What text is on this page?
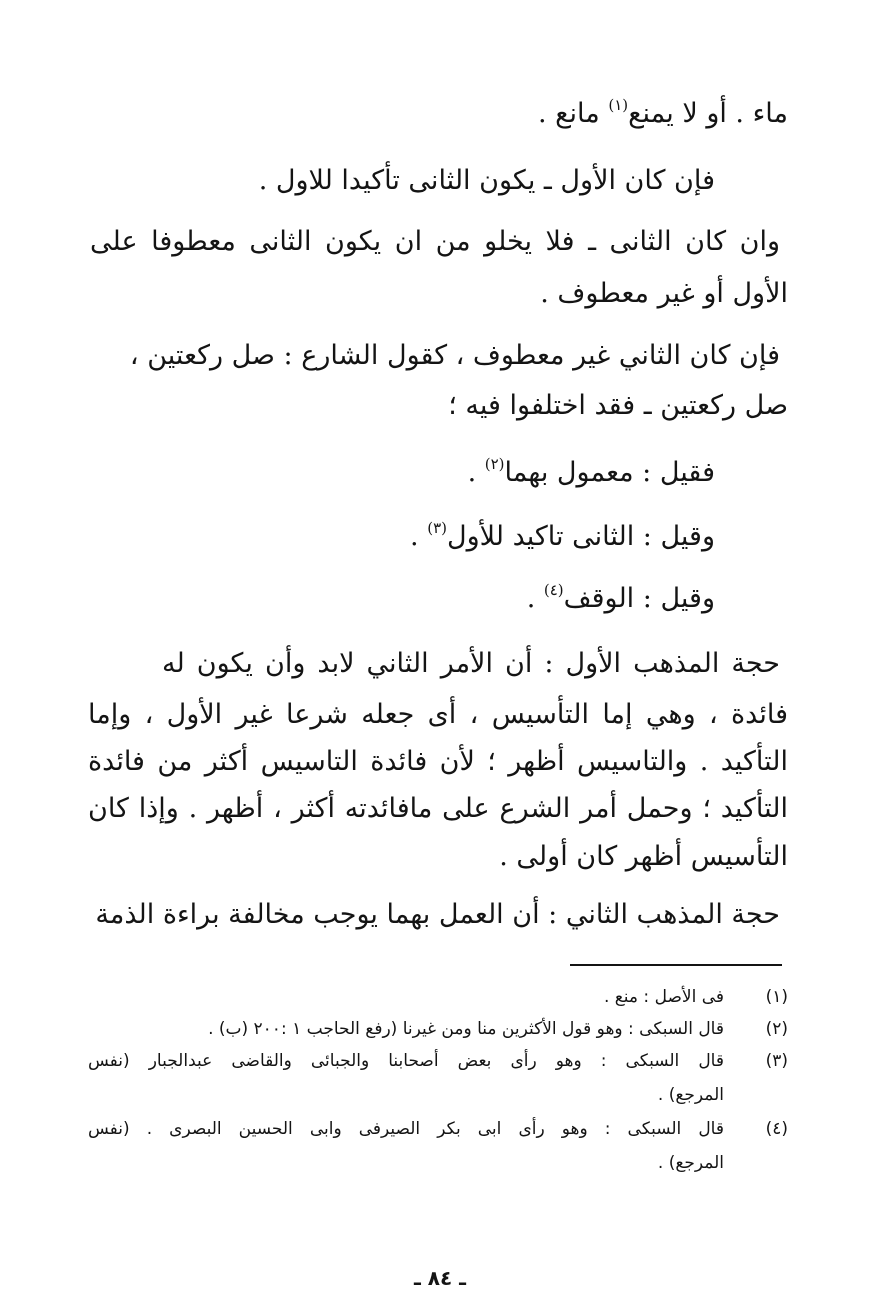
ماء . أو لا يمنع$^{(١)}$ مانع .
فإن كان الأول ـ يكون الثانى تأكيدا للاول .
وان كان الثانى ـ فلا يخلو من ان يكون الثانى معطوفا على
الأول أو غير معطوف .
فإن كان الثاني غير معطوف ، كقول الشارع : صل ركعتين ،
صل ركعتين ـ فقد اختلفوا فيه ؛
فقيل : معمول بهما$^{(٢)}$ .
وقيل : الثانى تاكيد للأول$^{(٣)}$ .
وقيل : الوقف$^{(٤)}$ .
حجة المذهب الأول : أن الأمر الثاني لابد وأن يكون له
فائدة ، وهي إما التأسيس ، أى جعله شرعا غير الأول ، وإما
التأكيد . والتاسيس أظهر ؛ لأن فائدة التاسيس أكثر من فائدة
التأكيد ؛ وحمل أمر الشرع على مافائدته أكثر ، أظهر . وإذا كان
التأسيس أظهر كان أولى .
حجة المذهب الثاني : أن العمل بهما يوجب مخالفة براءة الذمة
(١)
فى الأصل : منع .
(٢)
قال السبكى : وهو قول الأكثرين منا ومن غيرنا (رفع الحاجب ١ :٢٠٠ (ب) .
(٣)
قال السبكى : وهو رأى بعض أصحابنا والجبائى والقاضى عبدالجبار (نفس
المرجع) .
(٤)
قال السبكى : وهو رأى ابى بكر الصيرفى وابى الحسين البصرى . (نفس
المرجع) .
ـ ٨٤ ـ
